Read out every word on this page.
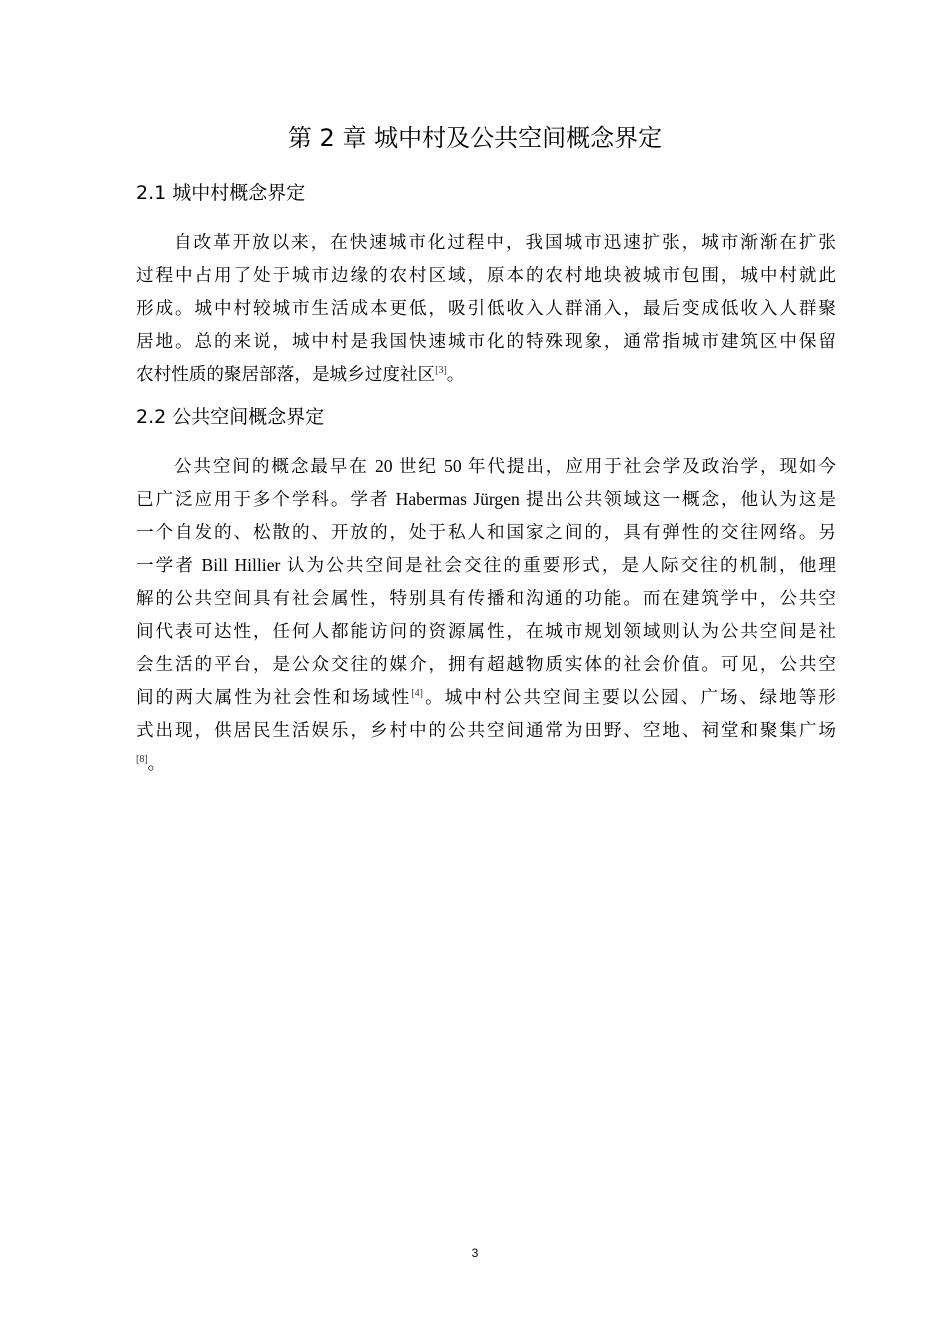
第 2 章 城中村及公共空间概念界定
2.1 城中村概念界定
自改革开放以来，在快速城市化过程中，我国城市迅速扩张，城市渐渐在扩张
过程中占用了处于城市边缘的农村区域，原本的农村地块被城市包围，城中村就此
形成。城中村较城市生活成本更低，吸引低收入人群涌入，最后变成低收入人群聚
居地。总的来说，城中村是我国快速城市化的特殊现象，通常指城市建筑区中保留
农村性质的聚居部落，是城乡过度社区[3]。
2.2 公共空间概念界定
公共空间的概念最早在 20 世纪 50 年代提出，应用于社会学及政治学，现如今
已广泛应用于多个学科。学者 Habermas Jürgen 提出公共领域这一概念，他认为这是
一个自发的、松散的、开放的，处于私人和国家之间的，具有弹性的交往网络。另
一学者 Bill Hillier 认为公共空间是社会交往的重要形式，是人际交往的机制，他理
解的公共空间具有社会属性，特别具有传播和沟通的功能。而在建筑学中，公共空
间代表可达性，任何人都能访问的资源属性，在城市规划领域则认为公共空间是社
会生活的平台，是公众交往的媒介，拥有超越物质实体的社会价值。可见，公共空
间的两大属性为社会性和场域性[4]。城中村公共空间主要以公园、广场、绿地等形
式出现，供居民生活娱乐，乡村中的公共空间通常为田野、空地、祠堂和聚集广场
[8]。
3
